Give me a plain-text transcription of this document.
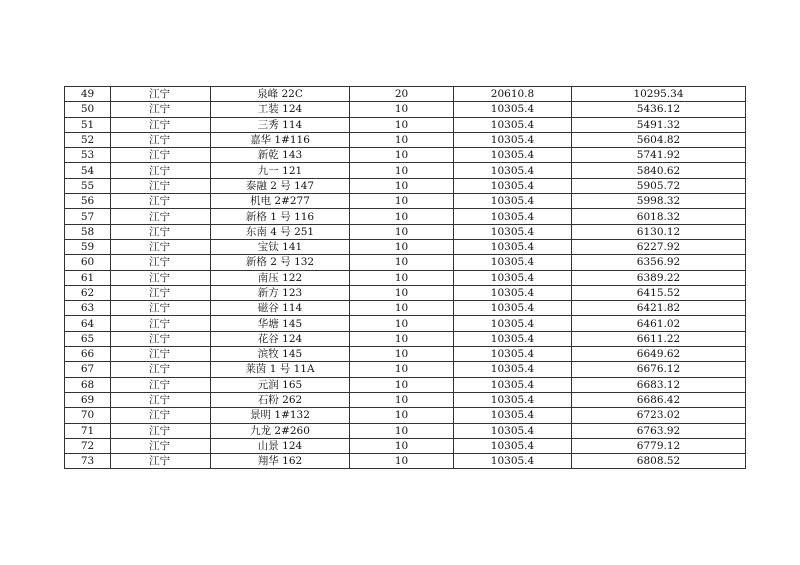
49	江宁	泉峰 22C	20	20610.8	10295.34
50	江宁	工装 124	10	10305.4	5436.12
51	江宁	三秀 114	10	10305.4	5491.32
52	江宁	嘉华 1#116	10	10305.4	5604.82
53	江宁	新乾 143	10	10305.4	5741.92
54	江宁	九一 121	10	10305.4	5840.62
55	江宁	泰融 2 号 147	10	10305.4	5905.72
56	江宁	机电 2#277	10	10305.4	5998.32
57	江宁	新格 1 号 116	10	10305.4	6018.32
58	江宁	东南 4 号 251	10	10305.4	6130.12
59	江宁	宝钛 141	10	10305.4	6227.92
60	江宁	新格 2 号 132	10	10305.4	6356.92
61	江宁	南压 122	10	10305.4	6389.22
62	江宁	新方 123	10	10305.4	6415.52
63	江宁	磁谷 114	10	10305.4	6421.82
64	江宁	华塘 145	10	10305.4	6461.02
65	江宁	花谷 124	10	10305.4	6611.22
66	江宁	滨牧 145	10	10305.4	6649.62
67	江宁	莱茵 1 号 11A	10	10305.4	6676.12
68	江宁	元润 165	10	10305.4	6683.12
69	江宁	石粉 262	10	10305.4	6686.42
70	江宁	景明 1#132	10	10305.4	6723.02
71	江宁	九龙 2#260	10	10305.4	6763.92
72	江宁	山景 124	10	10305.4	6779.12
73	江宁	翔华 162	10	10305.4	6808.52
